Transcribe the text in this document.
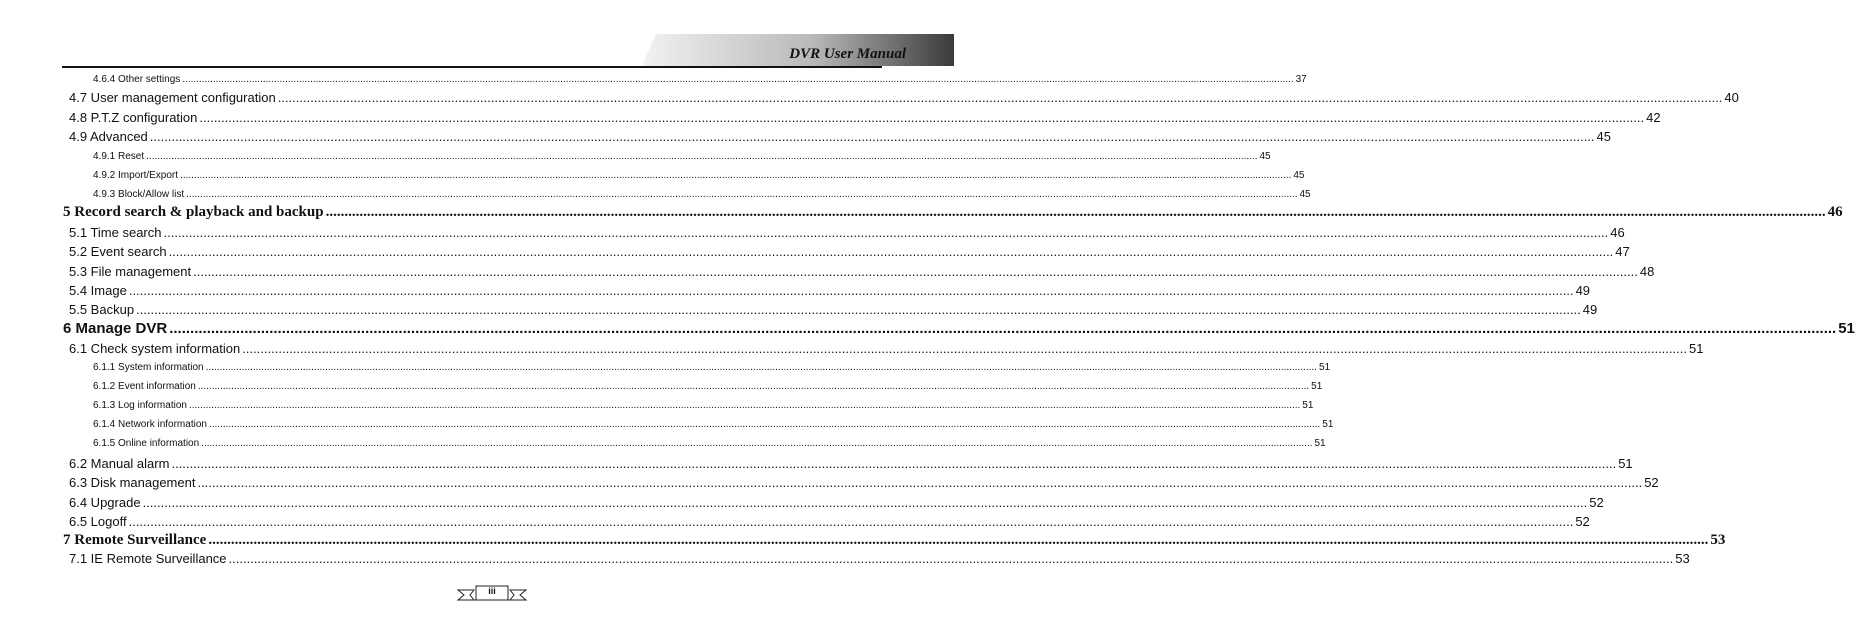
DVR User Manual
4.6.4 Other settings ................................................................................................................................................................................................................................................................................................................................................................................................................ 37
4.7 User management configuration ................................................................................................................................................................................................................................................................................................................................................................................................................ 40
4.8 P.T.Z configuration ................................................................................................................................................................................................................................................................................................................................................................................................................ 42
4.9 Advanced ................................................................................................................................................................................................................................................................................................................................................................................................................ 45
4.9.1 Reset ................................................................................................................................................................................................................................................................................................................................................................................................................ 45
4.9.2 Import/Export ................................................................................................................................................................................................................................................................................................................................................................................................................ 45
4.9.3 Block/Allow list ................................................................................................................................................................................................................................................................................................................................................................................................................ 45
5 Record search & playback and backup ................................................................................................................................................................................................................................................................................................................................................................................................................ 46
5.1 Time search ................................................................................................................................................................................................................................................................................................................................................................................................................ 46
5.2 Event search ................................................................................................................................................................................................................................................................................................................................................................................................................ 47
5.3 File management ................................................................................................................................................................................................................................................................................................................................................................................................................ 48
5.4 Image ................................................................................................................................................................................................................................................................................................................................................................................................................ 49
5.5 Backup ................................................................................................................................................................................................................................................................................................................................................................................................................ 49
6 Manage DVR ................................................................................................................................................................................................................................................................................................................................................................................................................ 51
6.1 Check system information ................................................................................................................................................................................................................................................................................................................................................................................................................ 51
6.1.1 System information ................................................................................................................................................................................................................................................................................................................................................................................................................ 51
6.1.2 Event information ................................................................................................................................................................................................................................................................................................................................................................................................................ 51
6.1.3 Log information ................................................................................................................................................................................................................................................................................................................................................................................................................ 51
6.1.4 Network information ................................................................................................................................................................................................................................................................................................................................................................................................................ 51
6.1.5 Online information ................................................................................................................................................................................................................................................................................................................................................................................................................ 51
6.2 Manual alarm ................................................................................................................................................................................................................................................................................................................................................................................................................ 51
6.3 Disk management ................................................................................................................................................................................................................................................................................................................................................................................................................ 52
6.4 Upgrade ................................................................................................................................................................................................................................................................................................................................................................................................................ 52
6.5 Logoff ................................................................................................................................................................................................................................................................................................................................................................................................................ 52
7 Remote Surveillance ................................................................................................................................................................................................................................................................................................................................................................................................................ 53
7.1 IE Remote Surveillance ................................................................................................................................................................................................................................................................................................................................................................................................................ 53
iii
